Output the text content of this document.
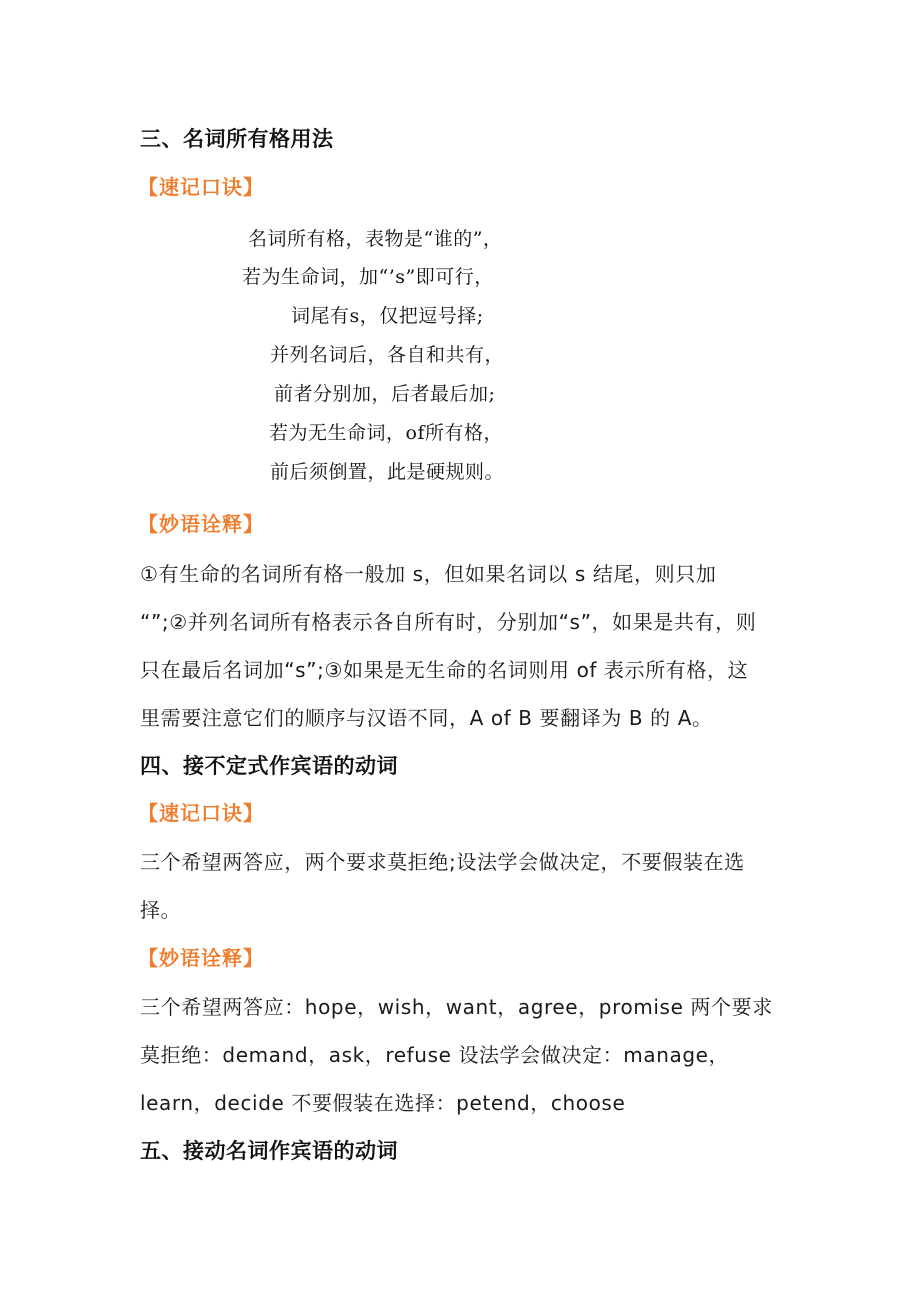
三、名词所有格用法
【速记口诀】
名词所有格，表物是“谁的”，
若为生命词，加“’s”即可行，
词尾有s，仅把逗号择;
并列名词后，各自和共有，
前者分别加，后者最后加;
若为无生命词，of所有格，
前后须倒置，此是硬规则。
【妙语诠释】
①有生命的名词所有格一般加 s，但如果名词以 s 结尾，则只加
“”;②并列名词所有格表示各自所有时，分别加“s”，如果是共有，则
只在最后名词加“s”;③如果是无生命的名词则用 of 表示所有格，这
里需要注意它们的顺序与汉语不同，A of B 要翻译为 B 的 A。
四、接不定式作宾语的动词
【速记口诀】
三个希望两答应，两个要求莫拒绝;设法学会做决定，不要假装在选
择。
【妙语诠释】
三个希望两答应：hope，wish，want，agree，promise 两个要求
莫拒绝：demand，ask，refuse 设法学会做决定：manage，
learn，decide 不要假装在选择：petend，choose
五、接动名词作宾语的动词
